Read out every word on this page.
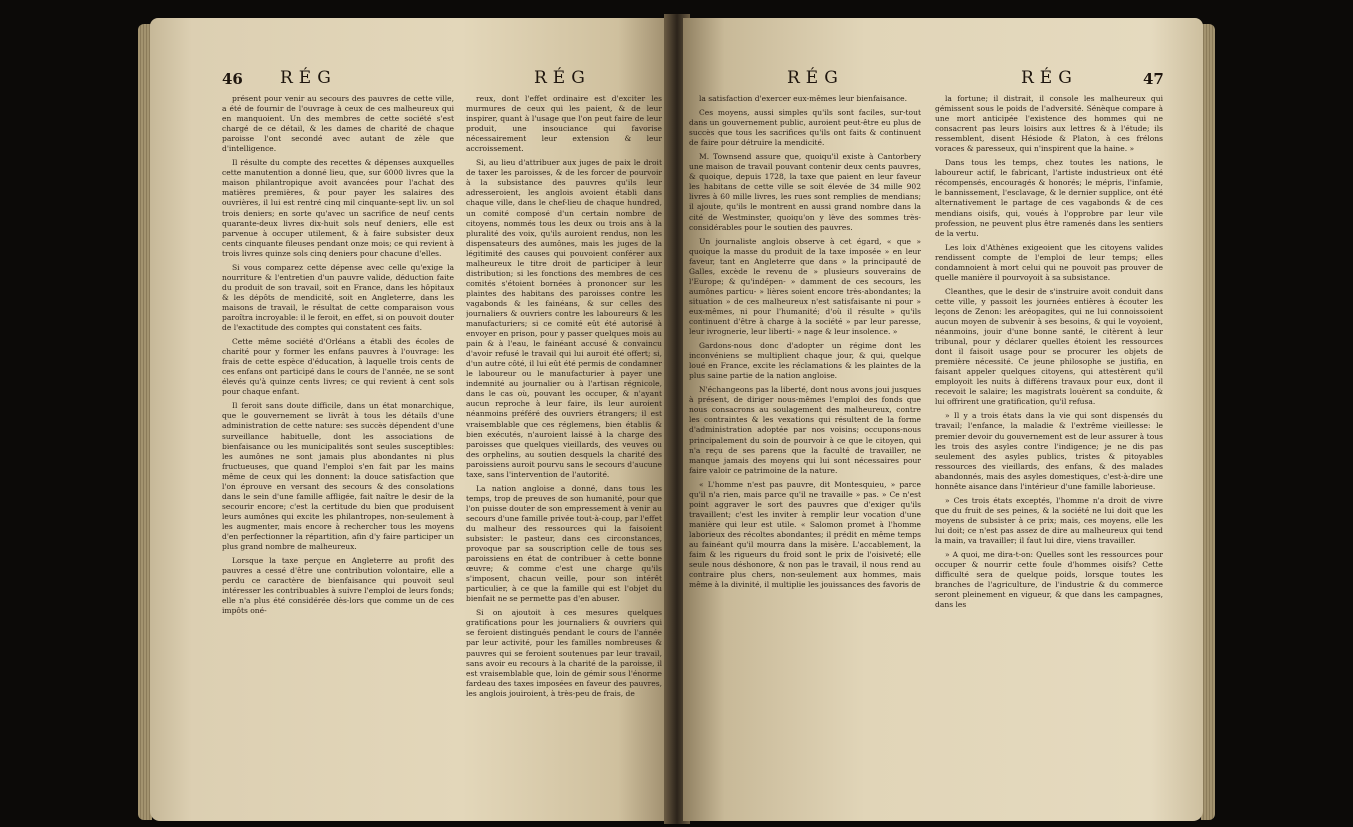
46 RÉG	RÉG

présent pour venir au secours des pauvres de cette ville, a été de fournir de l'ouvrage à ceux de ces malheureux qui en manquoient. Un des membres de cette société s'est chargé de ce détail, & les dames de charité de chaque paroisse l'ont secondé avec autant de zèle que d'intelligence.

Il résulte du compte des recettes & dépenses auxquelles cette manutention a donné lieu, que, sur 6000 livres que la maison philantropique avoit avancées pour l'achat des matières premières, & pour payer les salaires des ouvrières, il lui est rentré cinq mil cinquante-sept liv. un sol trois deniers; en sorte qu'avec un sacrifice de neuf cents quarante-deux livres dix-huit sols neuf deniers, elle est parvenue à occuper utilement, & à faire subsister deux cents cinquante fileuses pendant onze mois; ce qui revient à trois livres quinze sols cinq deniers pour chacune d'elles.

Si vous comparez cette dépense avec celle qu'exige la nourriture & l'entretien d'un pauvre valide, déduction faite du produit de son travail, soit en France, dans les hôpitaux & les dépôts de mendicité, soit en Angleterre, dans les maisons de travail, le résultat de cette comparaison vous paroîtra incroyable: il le feroit, en effet, si on pouvoit douter de l'exactitude des comptes qui constatent ces faits.

Cette même société d'Orléans a établi des écoles de charité pour y former les enfans pauvres à l'ouvrage: les frais de cette espèce d'éducation, à laquelle trois cents de ces enfans ont participé dans le cours de l'année, ne se sont élevés qu'à quinze cents livres; ce qui revient à cent sols pour chaque enfant.

Il feroit sans doute difficile, dans un état monarchique, que le gouvernement se livrât à tous les détails d'une administration de cette nature: ses succès dépendent d'une surveillance habituelle, dont les associations de bienfaisance ou les municipalités sont seules susceptibles: les aumônes ne sont jamais plus abondantes ni plus fructueuses, que quand l'emploi s'en fait par les mains même de ceux qui les donnent: la douce satisfaction que l'on éprouve en versant des secours & des consolations dans le sein d'une famille affligée, fait naître le desir de la secourir encore; c'est la certitude du bien que produisent leurs aumônes qui excite les philantropes, non-seulement à les augmenter, mais encore à rechercher tous les moyens d'en perfectionner la répartition, afin d'y faire participer un plus grand nombre de malheureux.

Lorsque la taxe perçue en Angleterre au profit des pauvres a cessé d'être une contribution volontaire, elle a perdu ce caractère de bienfaisance qui pouvoit seul intéresser les contribuables à suivre l'emploi de leurs fonds; elle n'a plus été considérée dès-lors que comme un de ces impôts oné-

reux, dont l'effet ordinaire est d'exciter les murmures de ceux qui les paient, & de leur inspirer, quant à l'usage que l'on peut faire de leur produit, une insouciance qui favorise nécessairement leur extension & leur accroissement.

Si, au lieu d'attribuer aux juges de paix le droit de taxer les paroisses, & de les forcer de pourvoir à la subsistance des pauvres qu'ils leur adresseroient, les anglois avoient établi dans chaque ville, dans le chef-lieu de chaque hundred, un comité composé d'un certain nombre de citoyens, nommés tous les deux ou trois ans à la pluralité des voix, qu'ils auroient rendus, non les dispensateurs des aumônes, mais les juges de la légitimité des causes qui pouvoient conférer aux malheureux le titre droit de participer à leur distribution; si les fonctions des membres de ces comités s'étoient bornées à prononcer sur les plaintes des habitans des paroisses contre les vagabonds & les fainéans, & sur celles des journaliers & ouvriers contre les laboureurs & les manufacturiers; si ce comité eût été autorisé à envoyer en prison, pour y passer quelques mois au pain & à l'eau, le fainéant accusé & convaincu d'avoir refusé le travail qui lui auroit été offert; si, d'un autre côté, il lui eût été permis de condamner le laboureur ou le manufacturier à payer une indemnité au journalier ou à l'artisan régnicole, dans le cas où, pouvant les occuper, & n'ayant aucun reproche à leur faire, ils leur auroient néanmoins préféré des ouvriers étrangers; il est vraisemblable que ces réglemens, bien établis & bien exécutés, n'auroient laissé à la charge des paroisses que quelques vieillards, des veuves ou des orphelins, au soutien desquels la charité des paroissiens auroit pourvu sans le secours d'aucune taxe, sans l'intervention de l'autorité.

La nation angloise a donné, dans tous les temps, trop de preuves de son humanité, pour que l'on puisse douter de son empressement à venir au secours d'une famille privée tout-à-coup, par l'effet du malheur des ressources qui la faisoient subsister: le pasteur, dans ces circonstances, provoque par sa souscription celle de tous ses paroissiens en état de contribuer à cette bonne œuvre; & comme c'est une charge qu'ils s'imposent, chacun veille, pour son intérêt particulier, à ce que la famille qui est l'objet du bienfait ne se permette pas d'en abuser.

Si on ajoutoit à ces mesures quelques gratifications pour les journaliers & ouvriers qui se feroient distingués pendant le cours de l'année par leur activité, pour les familles nombreuses & pauvres qui se feroient soutenues par leur travail, sans avoir eu recours à la charité de la paroisse, il est vraisemblable que, loin de gémir sous l'énorme fardeau des taxes imposées en faveur des pauvres, les anglois jouiroient, à très-peu de frais, de

RÉG	RÉG	47

la satisfaction d'exercer eux-mêmes leur bienfaisance.

Ces moyens, aussi simples qu'ils sont faciles, sur-tout dans un gouvernement public, auroient peut-être eu plus de succès que tous les sacrifices qu'ils ont faits & continuent de faire pour détruire la mendicité.

M. Townsend assure que, quoiqu'il existe à Cantorbery une maison de travail pouvant contenir deux cents pauvres, & quoique, depuis 1728, la taxe que paient en leur faveur les habitans de cette ville se soit élevée de 34 mille 902 livres à 60 mille livres, les rues sont remplies de mendians; il ajoute, qu'ils le montrent en aussi grand nombre dans la cité de Westminster, quoiqu'on y lève des sommes très-considérables pour le soutien des pauvres.

Un journaliste anglois observe à cet égard, « que » quoique la masse du produit de la taxe imposée » en leur faveur, tant en Angleterre que dans » la principauté de Galles, excède le revenu de » plusieurs souverains de l'Europe; & qu'indépen- » damment de ces secours, les aumônes particu- » lières soient encore très-abondantes; la situation » de ces malheureux n'est satisfaisante ni pour » eux-mêmes, ni pour l'humanité; d'où il résulte » qu'ils continuent d'être à charge à la société » par leur paresse, leur ivrognerie, leur liberti- » nage & leur insolence. »

Gardons-nous donc d'adopter un régime dont les inconvéniens se multiplient chaque jour, & qui, quelque loué en France, excite les réclamations & les plaintes de la plus saine partie de la nation angloise.

N'échangeons pas la liberté, dont nous avons joui jusques à présent, de diriger nous-mêmes l'emploi des fonds que nous consacrons au soulagement des malheureux, contre les contraintes & les vexations qui résultent de la forme d'administration adoptée par nos voisins; occupons-nous principalement du soin de pourvoir à ce que le citoyen, qui n'a reçu de ses parens que la faculté de travailler, ne manque jamais des moyens qui lui sont nécessaires pour faire valoir ce patrimoine de la nature.

« L'homme n'est pas pauvre, dit Montesquieu, » parce qu'il n'a rien, mais parce qu'il ne travaille » pas. » Ce n'est point aggraver le sort des pauvres que d'exiger qu'ils travaillent; c'est les inviter à remplir leur vocation d'une manière qui leur est utile. « Salomon promet à l'homme laborieux des récoltes abondantes; il prédit en même temps au fainéant qu'il mourra dans la misère. L'accablement, la faim & les rigueurs du froid sont le prix de l'oisiveté; elle seule nous déshonore, & non pas le travail, il nous rend au contraire plus chers, non-seulement aux hommes, mais même à la divinité, il multiplie les jouissances des favoris de

la fortune; il distrait, il console les malheureux qui gémissent sous le poids de l'adversité. Sénèque compare à une mort anticipée l'existence des hommes qui ne consacrent pas leurs loisirs aux lettres & à l'étude; ils ressemblent, disent Hésiode & Platon, à ces frélons voraces & paresseux, qui n'inspirent que la haine. »

Dans tous les temps, chez toutes les nations, le laboureur actif, le fabricant, l'artiste industrieux ont été récompensés, encouragés & honorés; le mépris, l'infamie, le bannissement, l'esclavage, & le dernier supplice, ont été alternativement le partage de ces vagabonds & de ces mendians oisifs, qui, voués à l'opprobre par leur vile profession, ne peuvent plus être ramenés dans les sentiers de la vertu.

Les loix d'Athènes exigeoient que les citoyens valides rendissent compte de l'emploi de leur temps; elles condamnoient à mort celui qui ne pouvoit pas prouver de quelle manière il pourvoyoit à sa subsistance.

Cleanthes, que le desir de s'instruire avoit conduit dans cette ville, y passoit les journées entières à écouter les leçons de Zenon: les aréopagites, qui ne lui connoissoient aucun moyen de subvenir à ses besoins, & qui le voyoient, néanmoins, jouir d'une bonne santé, le citèrent à leur tribunal, pour y déclarer quelles étoient les ressources dont il faisoit usage pour se procurer les objets de première nécessité. Ce jeune philosophe se justifia, en faisant appeler quelques citoyens, qui attestèrent qu'il employoit les nuits à différens travaux pour eux, dont il recevoit le salaire; les magistrats louèrent sa conduite, & lui offrirent une gratification, qu'il refusa.

» Il y a trois états dans la vie qui sont dispensés du travail; l'enfance, la maladie & l'extrême vieillesse: le premier devoir du gouvernement est de leur assurer à tous les trois des asyles contre l'indigence; je ne dis pas seulement des asyles publics, tristes & pitoyables ressources des vieillards, des enfans, & des malades abandonnés, mais des asyles domestiques, c'est-à-dire une honnête aisance dans l'intérieur d'une famille laborieuse.

» Ces trois états exceptés, l'homme n'a droit de vivre que du fruit de ses peines, & la société ne lui doit que les moyens de subsister à ce prix; mais, ces moyens, elle les lui doit; ce n'est pas assez de dire au malheureux qui tend la main, va travailler; il faut lui dire, viens travailler.

» A quoi, me dira-t-on: Quelles sont les ressources pour occuper & nourrir cette foule d'hommes oisifs? Cette difficulté sera de quelque poids, lorsque toutes les branches de l'agriculture, de l'industrie & du commerce seront pleinement en vigueur, & que dans les campagnes, dans les
